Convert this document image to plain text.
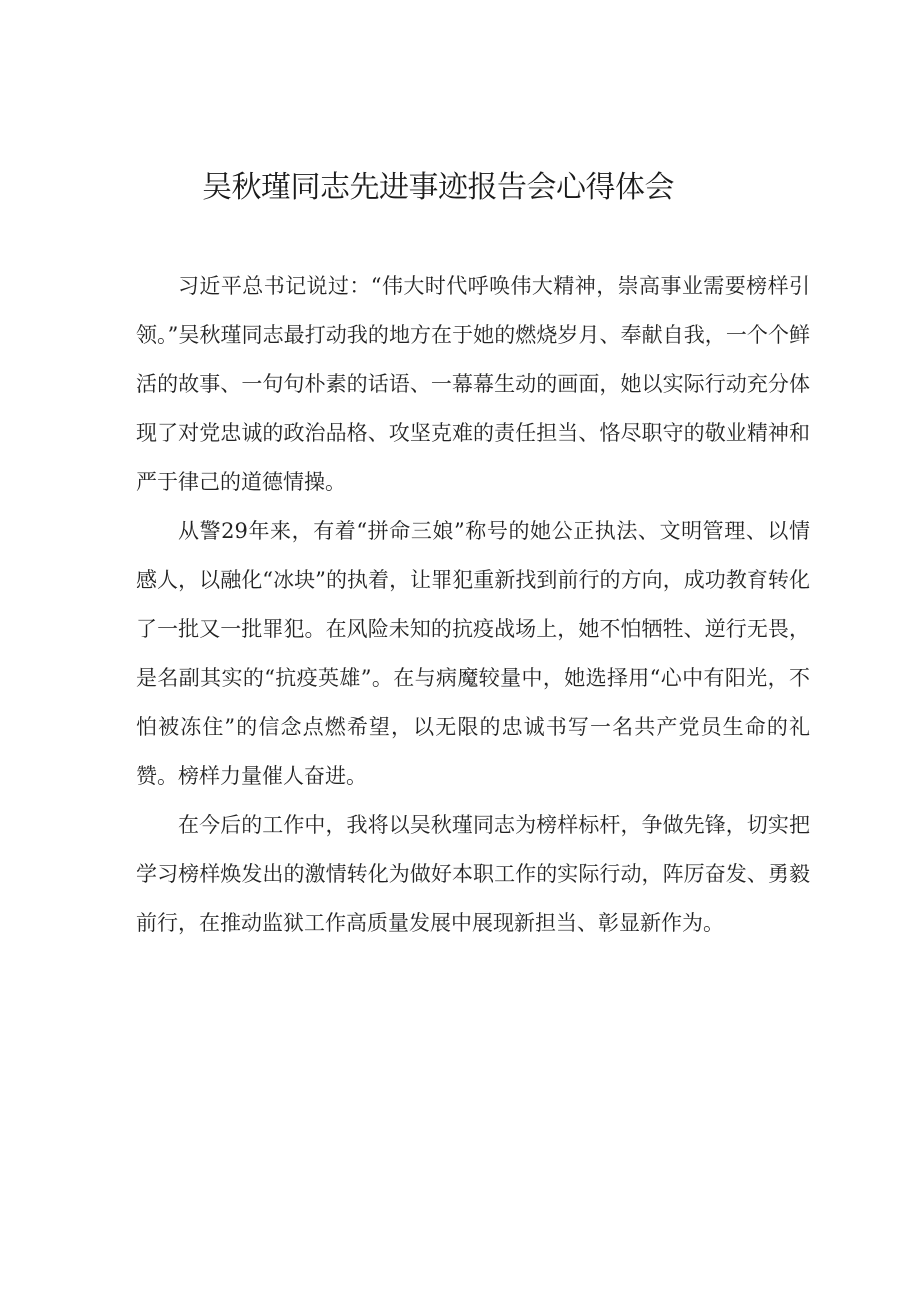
吴秋瑾同志先进事迹报告会心得体会

习近平总书记说过：“伟大时代呼唤伟大精神，崇高事业需要榜样引领。”吴秋瑾同志最打动我的地方在于她的燃烧岁月、奉献自我，一个个鲜活的故事、一句句朴素的话语、一幕幕生动的画面，她以实际行动充分体现了对党忠诚的政治品格、攻坚克难的责任担当、恪尽职守的敬业精神和严于律己的道德情操。

从警29年来，有着“拼命三娘”称号的她公正执法、文明管理、以情感人，以融化“冰块”的执着，让罪犯重新找到前行的方向，成功教育转化了一批又一批罪犯。在风险未知的抗疫战场上，她不怕牺牲、逆行无畏，是名副其实的“抗疫英雄”。在与病魔较量中，她选择用“心中有阳光，不怕被冻住”的信念点燃希望，以无限的忠诚书写一名共产党员生命的礼赞。榜样力量催人奋进。

在今后的工作中，我将以吴秋瑾同志为榜样标杆，争做先锋，切实把学习榜样焕发出的激情转化为做好本职工作的实际行动，阵厉奋发、勇毅前行，在推动监狱工作高质量发展中展现新担当、彰显新作为。
